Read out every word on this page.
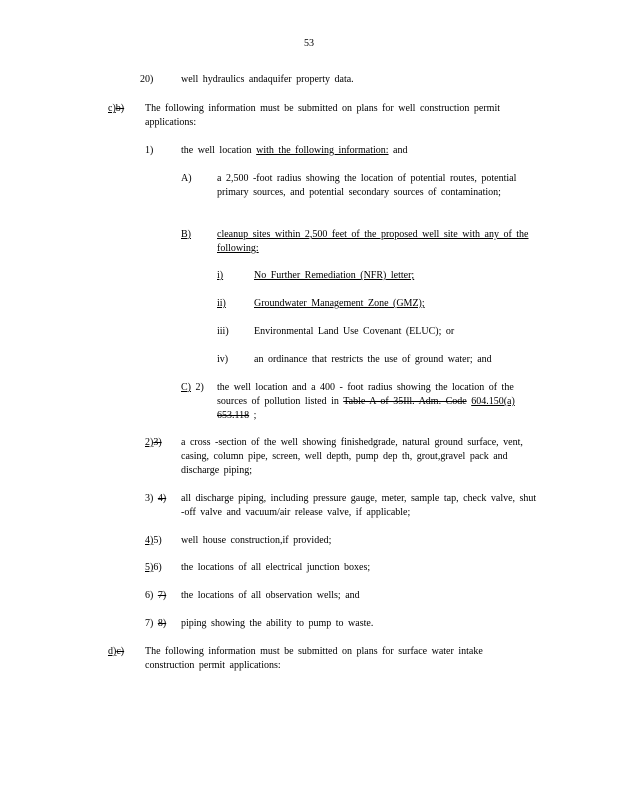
53
20)	well hydraulics andaquifer property data.
c)b) The following information must be submitted on plans for well construction permit applications:
1)	the well location with the following information: and
A)	a 2,500 -foot radius showing the location of potential routes, potential primary sources, and potential secondary sources of contamination;
B)	cleanup sites within 2,500 feet of the proposed well site with any of the following:
i)	No Further Remediation (NFR) letter;
ii)	Groundwater Management Zone (GMZ);
iii)	Environmental Land Use Covenant (ELUC); or
iv)	an ordinance that restricts the use of ground water; and
C) 2) the well location and a 400 - foot radius showing the location of the sources of pollution listed in Table A of 35Ill. Adm. Code 604.150(a) 653.118 ;
2)3) a cross -section of the well showing finishedgrade, natural ground surface, vent, casing, column pipe, screen, well depth, pump dep th, grout,gravel pack and discharge piping;
3) 4) all discharge piping, including pressure gauge, meter, sample tap, check valve, shut -off valve and vacuum/air release valve, if applicable;
4)5) well house construction,if provided;
5)6) the locations of all electrical junction boxes;
6) 7) the locations of all observation wells; and
7) 8) piping showing the ability to pump to waste.
d)c) The following information must be submitted on plans for surface water intake construction permit applications:
